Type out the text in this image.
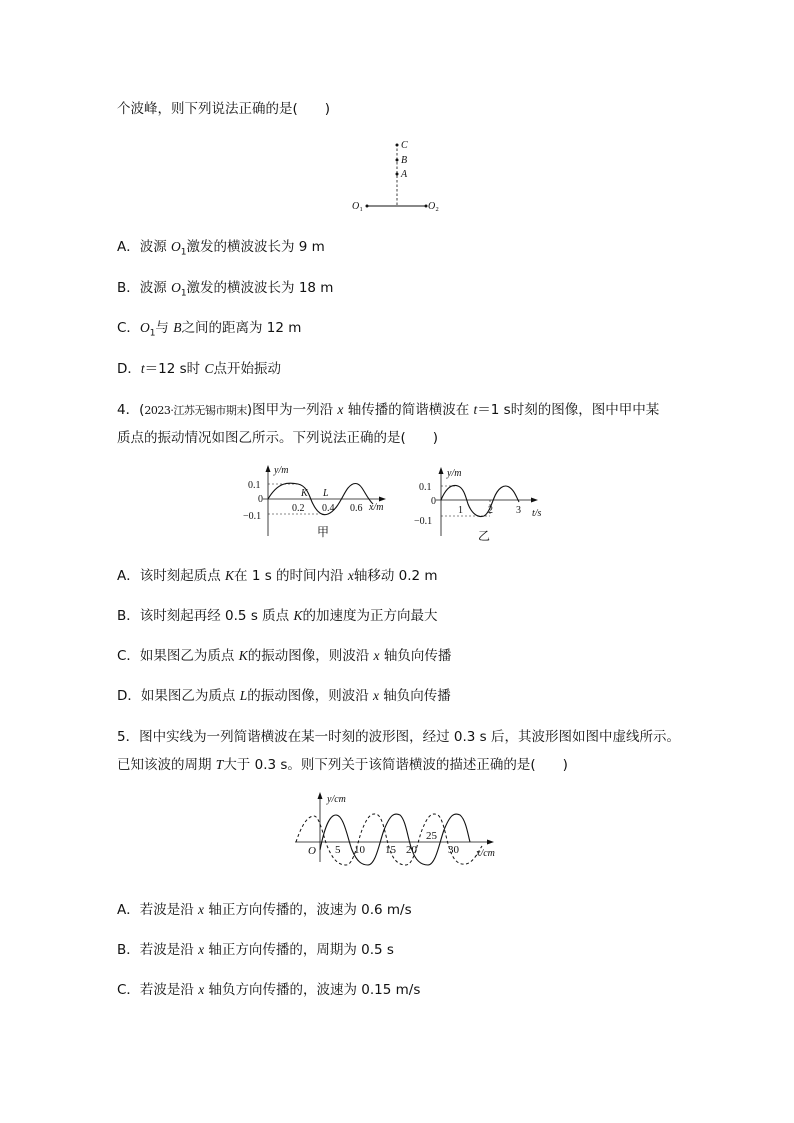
个波峰，则下列说法正确的是(　　)
C
B
A
O 1	O 2
A．波源 $O_1$激发的横波波长为 9 m
B．波源 $O_1$激发的横波波长为 18 m
C．$O_1$与 B之间的距离为 12 m
D．t＝12 s时 C点开始振动
4．(2023·江苏无锡市期末)图甲为一列沿 x 轴传播的简谐横波在 t＝1 s时刻的图像，图中甲中某
质点的振动情况如图乙所示。下列说法正确的是(　　)
y/m
x/m
0.1
−0.1
0
0.2 0.4 0.6
K L
甲
y/m
t/s
0.1
−0.1
0
1	2 3
乙
A．该时刻起质点 K在 1 s 的时间内沿 x轴移动 0.2 m
B．该时刻起再经 0.5 s 质点 K的加速度为正方向最大
C．如果图乙为质点 K的振动图像，则波沿 x 轴负向传播
D．如果图乙为质点 L的振动图像，则波沿 x 轴负向传播
5．图中实线为一列简谐横波在某一时刻的波形图，经过 0.3 s 后，其波形图如图中虚线所示。
已知该波的周期 T大于 0.3 s。则下列关于该简谐横波的描述正确的是(　　)
y/cm
x/cm
O 5 10 15 20
25
30
A．若波是沿 x 轴正方向传播的，波速为 0.6 m/s
B．若波是沿 x 轴正方向传播的，周期为 0.5 s
C．若波是沿 x 轴负方向传播的，波速为 0.15 m/s
